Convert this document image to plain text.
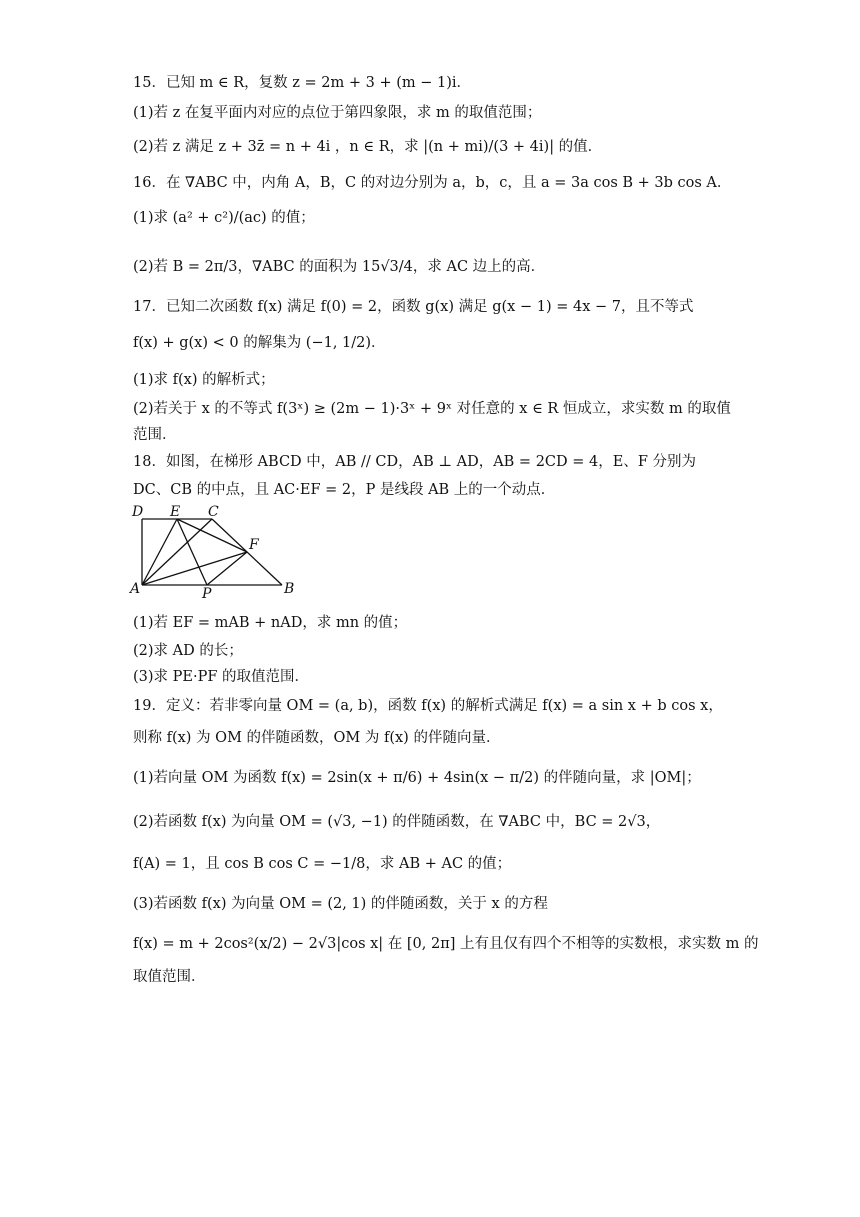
15．已知 m ∈ R，复数 z = 2m + 3 + (m − 1)i．
(1)若 z 在复平面内对应的点位于第四象限，求 m 的取值范围；
(2)若 z 满足 z + 3z̄ = n + 4i ，n ∈ R，求 |(n + mi)/(3 + 4i)| 的值．
16．在 ∇ABC 中，内角 A，B，C 的对边分别为 a，b，c，且 a = 3a cos B + 3b cos A．
(1)求 (a² + c²)/(ac) 的值；
(2)若 B = 2π/3，∇ABC 的面积为 15√3/4，求 AC 边上的高．
17．已知二次函数 f(x) 满足 f(0) = 2，函数 g(x) 满足 g(x − 1) = 4x − 7，且不等式
f(x) + g(x) < 0 的解集为 (−1, 1/2)．
(1)求 f(x) 的解析式；
(2)若关于 x 的不等式 f(3ˣ) ≥ (2m − 1)·3ˣ + 9ˣ 对任意的 x ∈ R 恒成立，求实数 m 的取值
范围．
18．如图，在梯形 ABCD 中，AB // CD，AB ⊥ AD，AB = 2CD = 4，E、F 分别为
DC、CB 的中点，且 AC·EF = 2，P 是线段 AB 上的一个动点．
D E C
F
A	P	B
(1)若 EF = mAB + nAD，求 mn 的值；
(2)求 AD 的长；
(3)求 PE·PF 的取值范围．
19．定义：若非零向量 OM = (a, b)，函数 f(x) 的解析式满足 f(x) = a sin x + b cos x，
则称 f(x) 为 OM 的伴随函数，OM 为 f(x) 的伴随向量．
(1)若向量 OM 为函数 f(x) = 2sin(x + π/6) + 4sin(x − π/2) 的伴随向量，求 |OM|；
(2)若函数 f(x) 为向量 OM = (√3, −1) 的伴随函数，在 ∇ABC 中，BC = 2√3，
f(A) = 1，且 cos B cos C = −1/8，求 AB + AC 的值；
(3)若函数 f(x) 为向量 OM = (2, 1) 的伴随函数，关于 x 的方程
f(x) = m + 2cos²(x/2) − 2√3|cos x| 在 [0, 2π] 上有且仅有四个不相等的实数根，求实数 m 的
取值范围．
